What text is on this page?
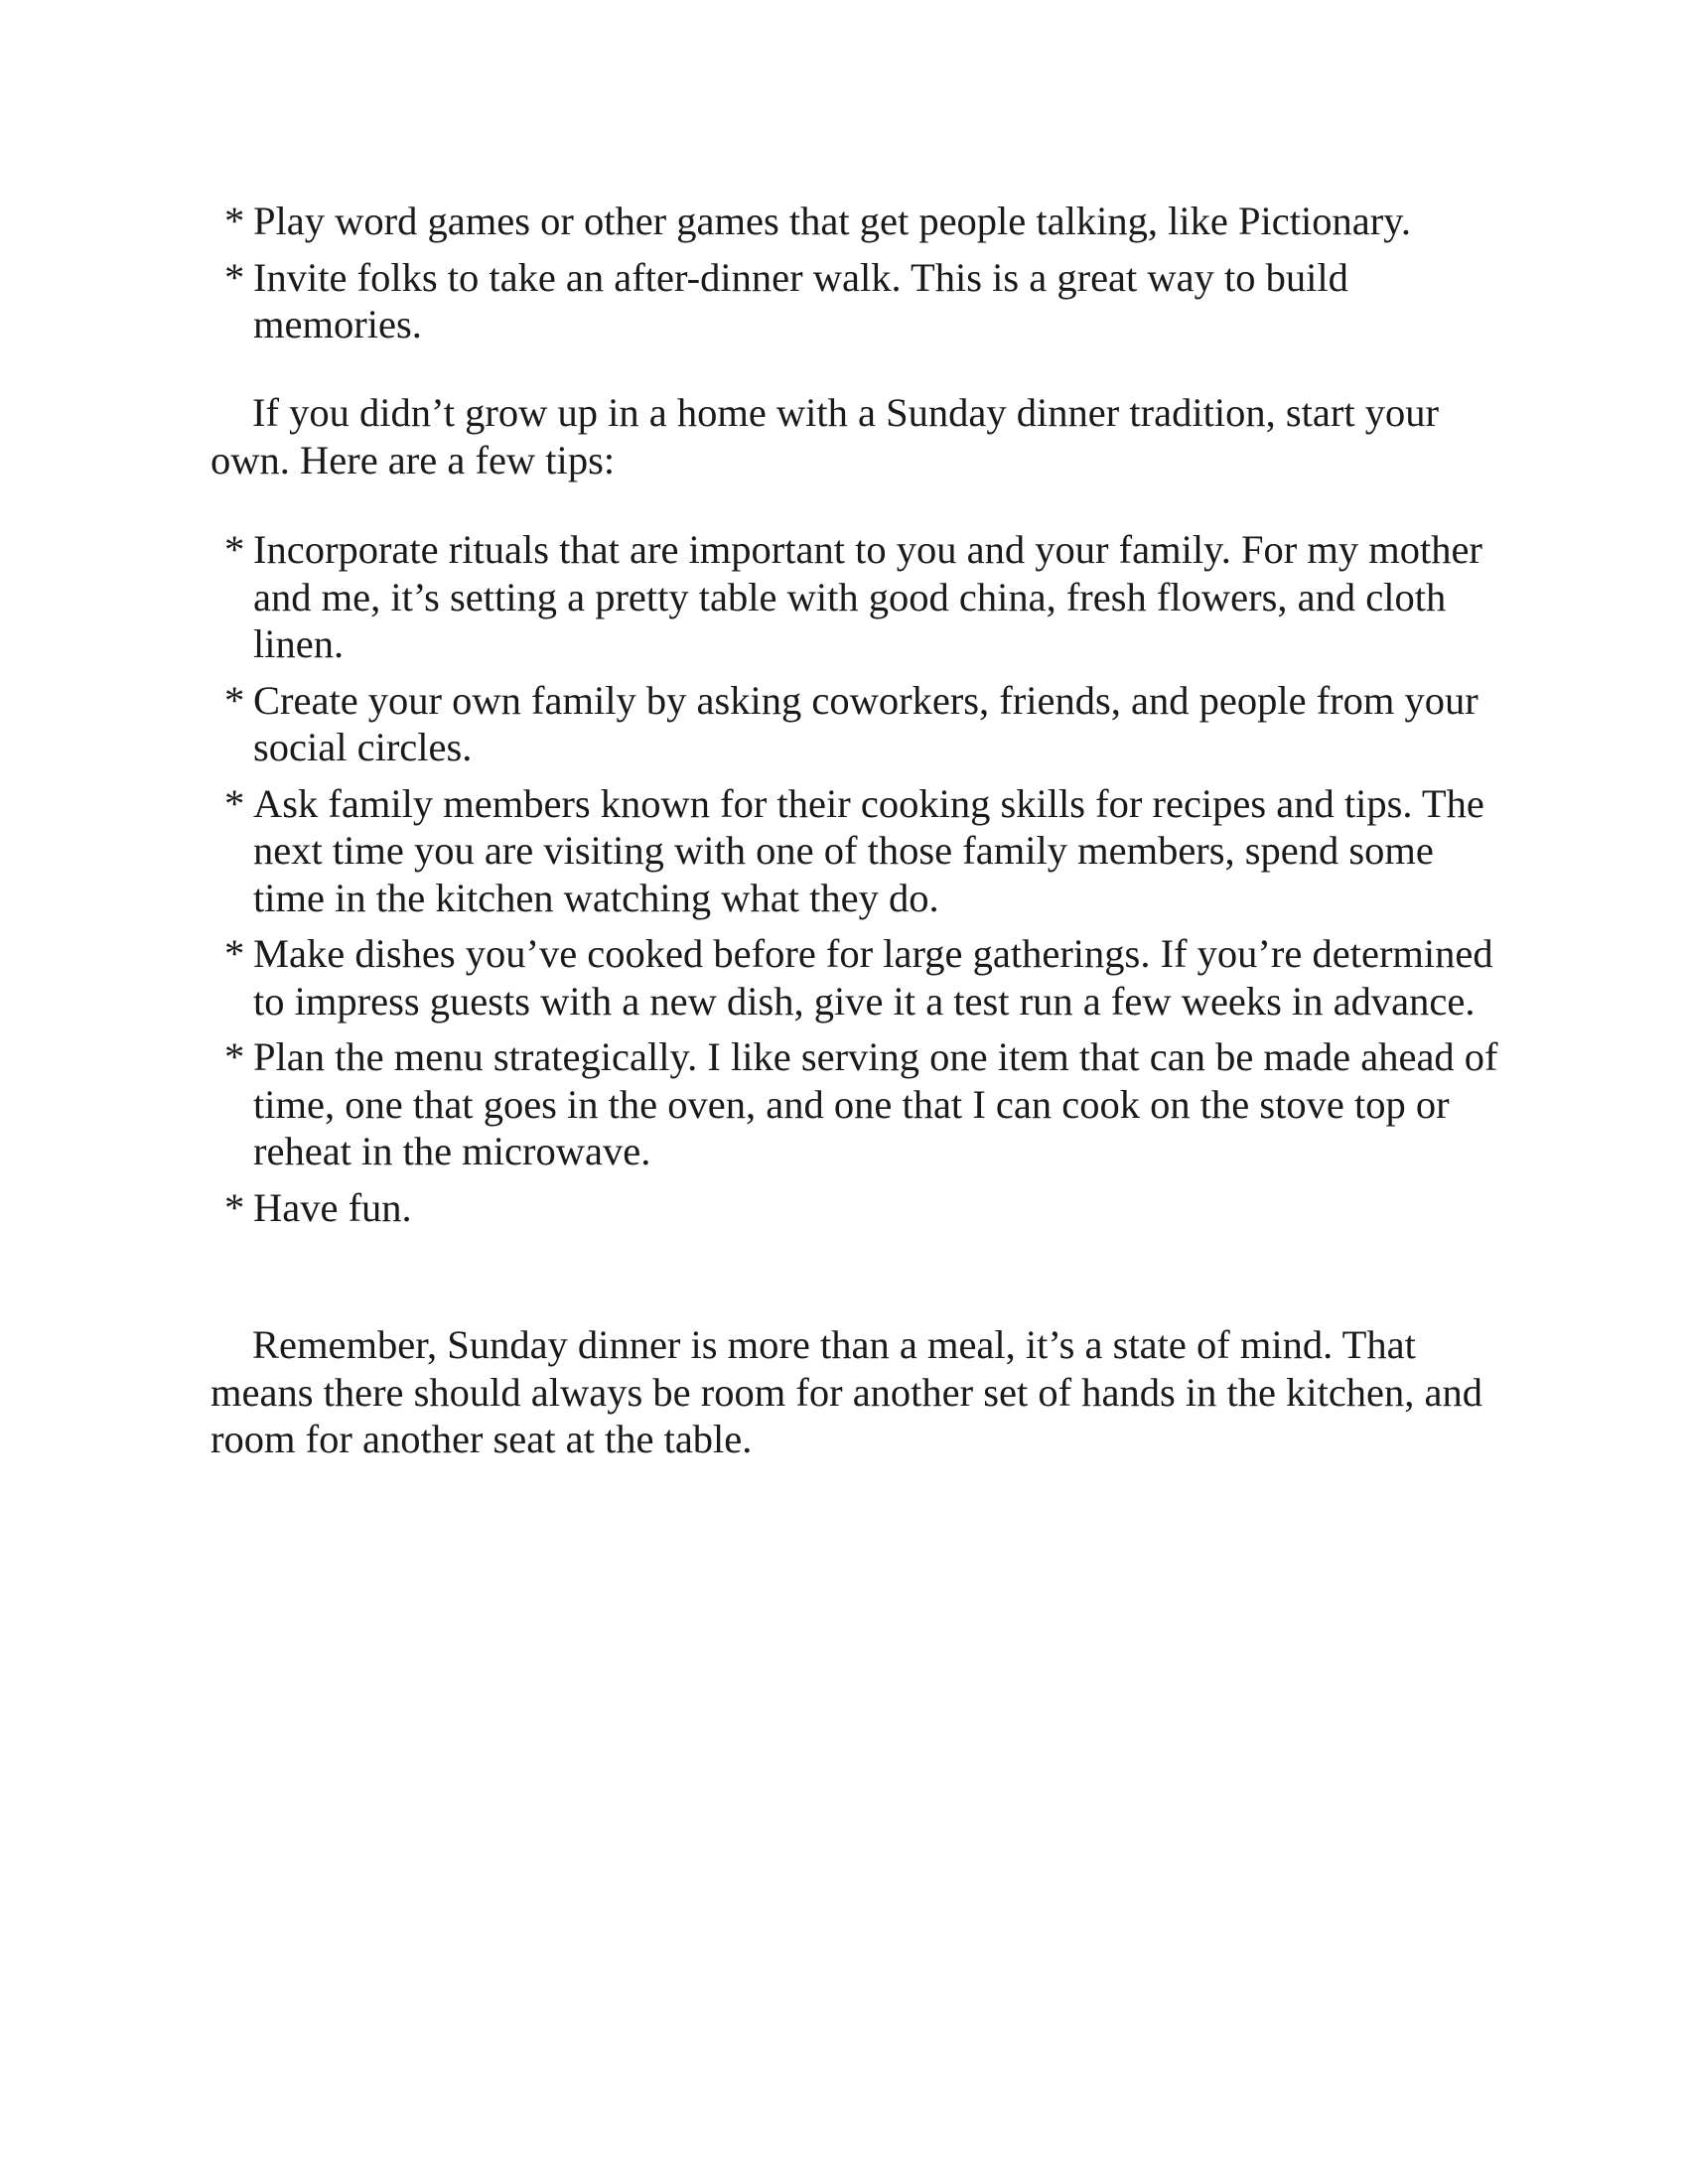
* Play word games or other games that get people talking, like Pictionary.
* Invite folks to take an after-dinner walk. This is a great way to build memories.

If you didn’t grow up in a home with a Sunday dinner tradition, start your own. Here are a few tips:

* Incorporate rituals that are important to you and your family. For my mother and me, it’s setting a pretty table with good china, fresh flowers, and cloth linen.
* Create your own family by asking coworkers, friends, and people from your social circles.
* Ask family members known for their cooking skills for recipes and tips. The next time you are visiting with one of those family members, spend some time in the kitchen watching what they do.
* Make dishes you’ve cooked before for large gatherings. If you’re determined to impress guests with a new dish, give it a test run a few weeks in advance.
* Plan the menu strategically. I like serving one item that can be made ahead of time, one that goes in the oven, and one that I can cook on the stove top or reheat in the microwave.
* Have fun.

Remember, Sunday dinner is more than a meal, it’s a state of mind. That means there should always be room for another set of hands in the kitchen, and room for another seat at the table.
